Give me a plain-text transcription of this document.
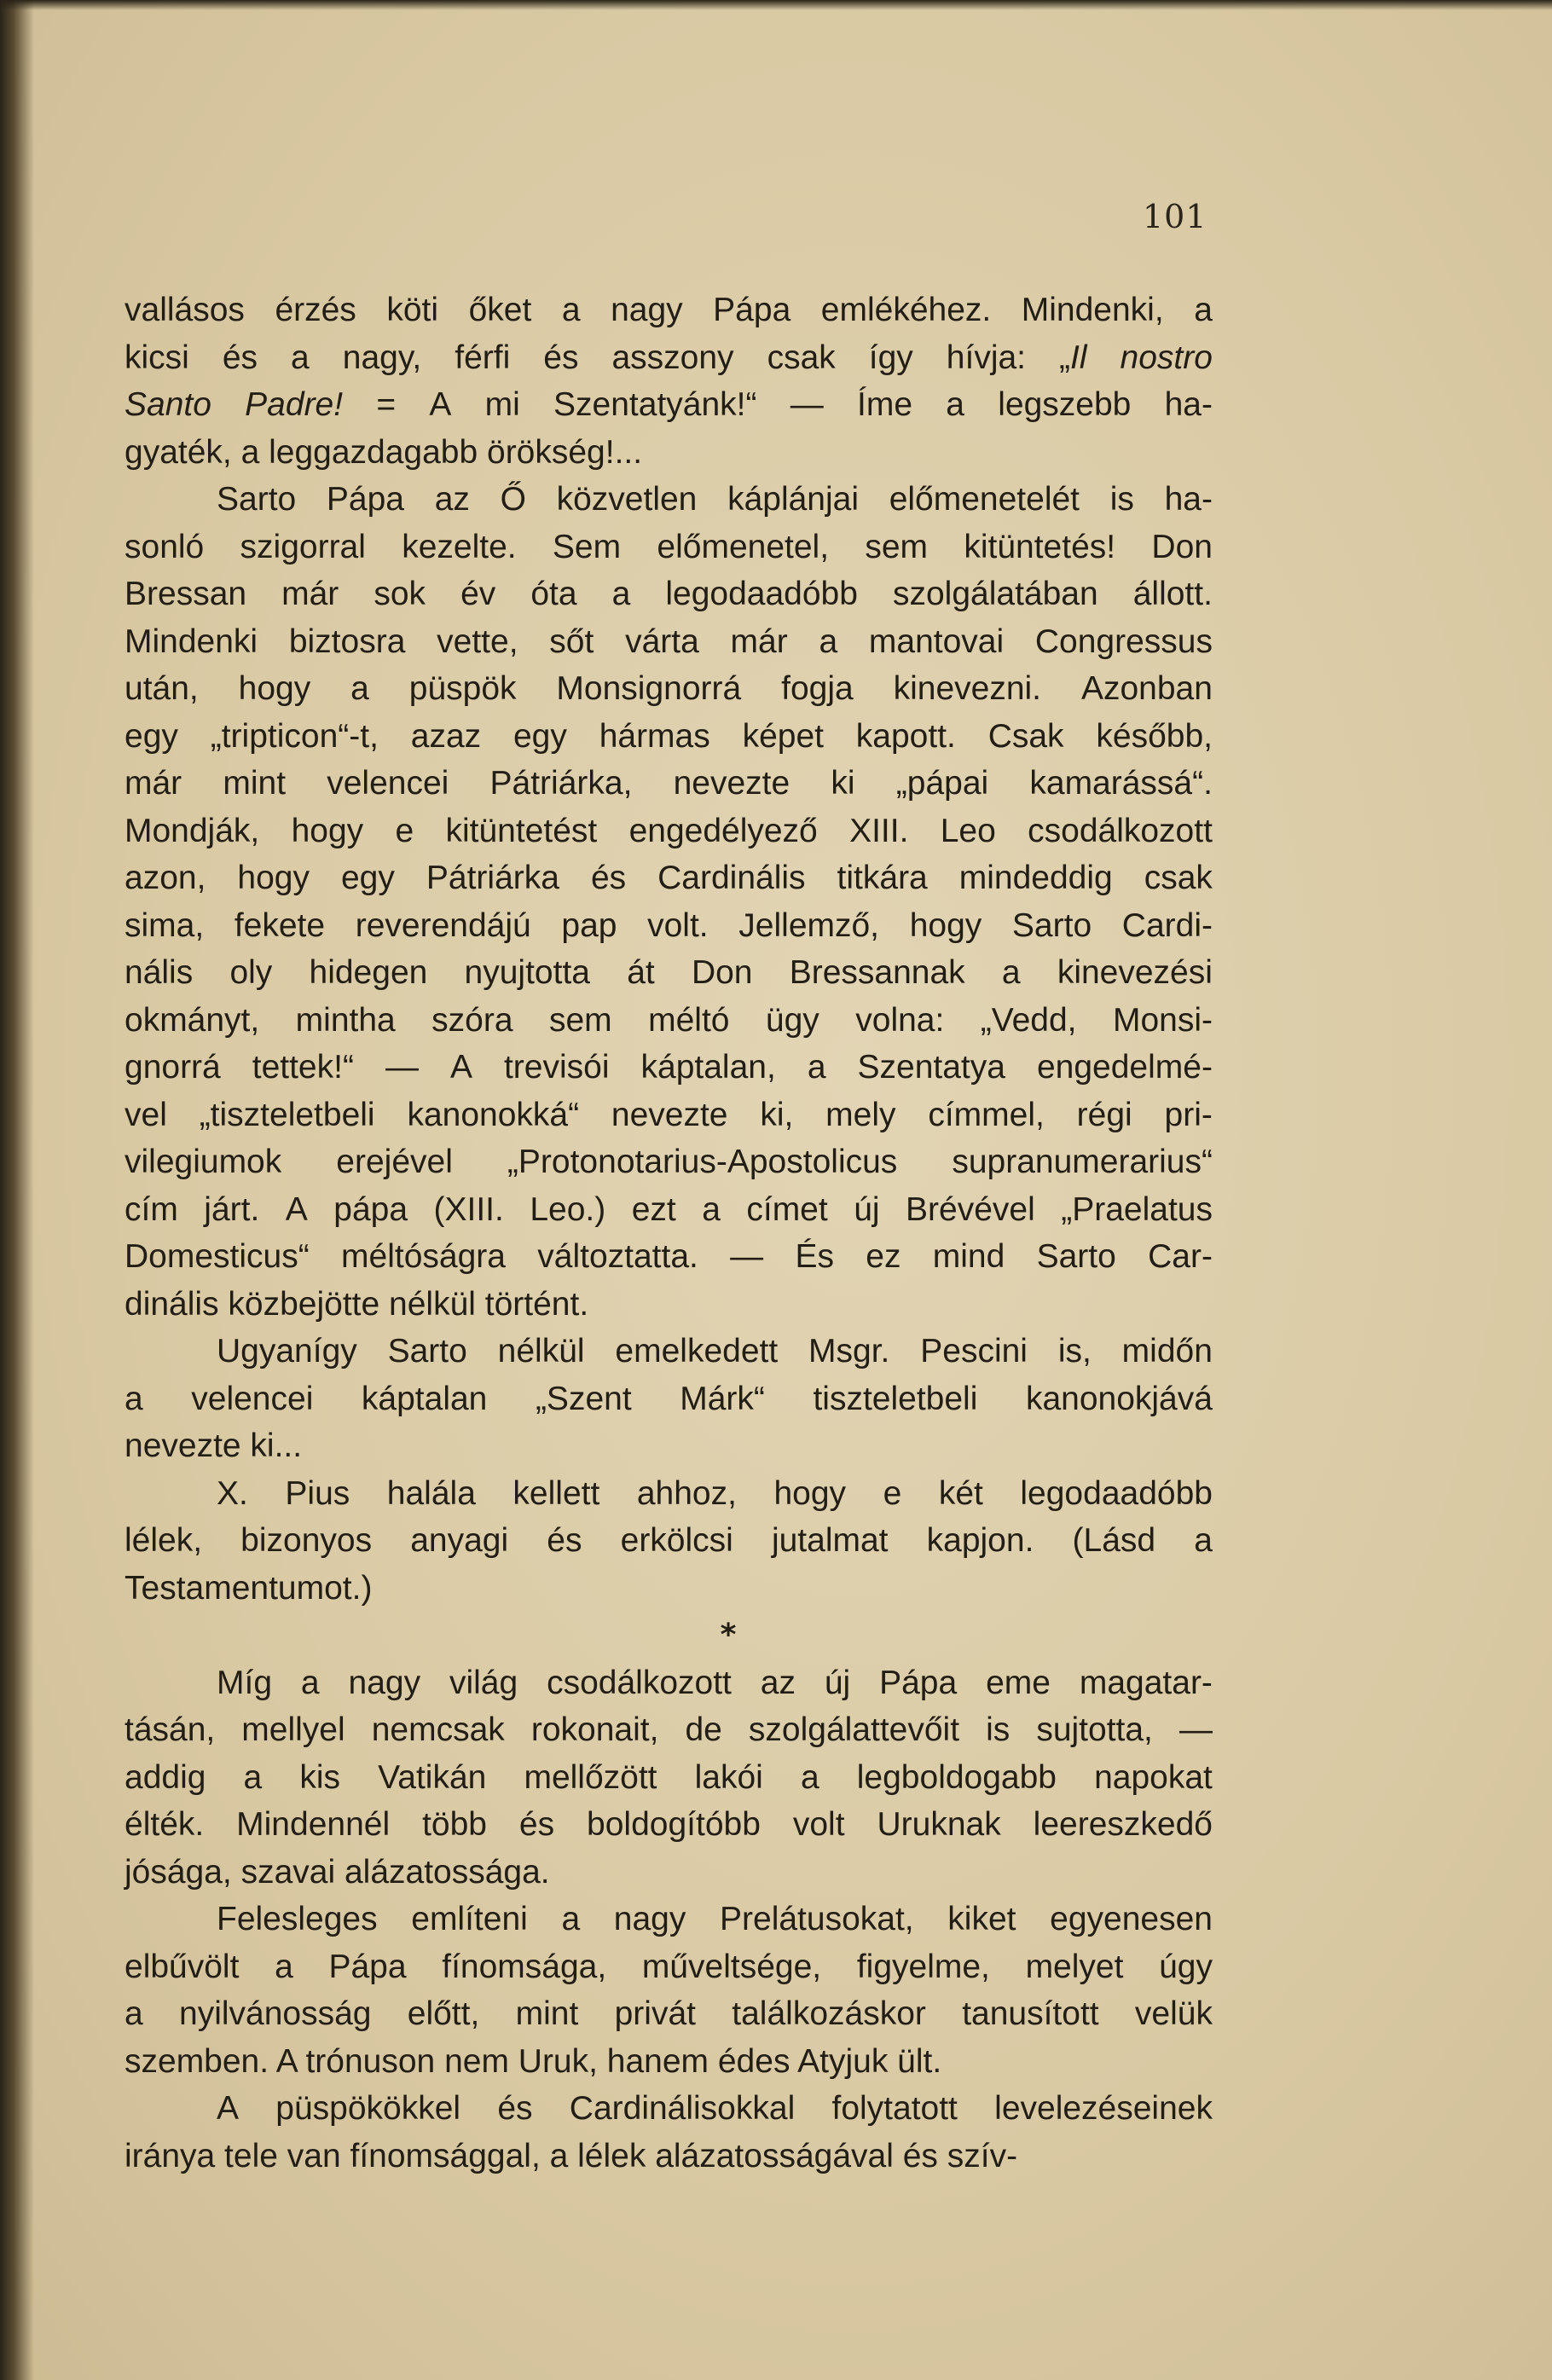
101
vallásos érzés köti őket a nagy Pápa emlékéhez. Mindenki, a
kicsi és a nagy, férfi és asszony csak így hívja: „Il nostro
Santo Padre! = A mi Szentatyánk!“ — Íme a legszebb ha-
gyaték, a leggazdagabb örökség!...
Sarto Pápa az Ő közvetlen káplánjai előmenetelét is ha-
sonló szigorral kezelte. Sem előmenetel, sem kitüntetés! Don
Bressan már sok év óta a legodaadóbb szolgálatában állott.
Mindenki biztosra vette, sőt várta már a mantovai Congressus
után, hogy a püspök Monsignorrá fogja kinevezni. Azonban
egy „tripticon“-t, azaz egy hármas képet kapott. Csak később,
már mint velencei Pátriárka, nevezte ki „pápai kamarássá“.
Mondják, hogy e kitüntetést engedélyező XIII. Leo csodálkozott
azon, hogy egy Pátriárka és Cardinális titkára mindeddig csak
sima, fekete reverendájú pap volt. Jellemző, hogy Sarto Cardi-
nális oly hidegen nyujtotta át Don Bressannak a kinevezési
okmányt, mintha szóra sem méltó ügy volna: „Vedd, Monsi-
gnorrá tettek!“ — A trevisói káptalan, a Szentatya engedelmé-
vel „tiszteletbeli kanonokká“ nevezte ki, mely címmel, régi pri-
vilegiumok erejével „Protonotarius-Apostolicus supranumerarius“
cím járt. A pápa (XIII. Leo.) ezt a címet új Brévével „Praelatus
Domesticus“ méltóságra változtatta. — És ez mind Sarto Car-
dinális közbejötte nélkül történt.
Ugyanígy Sarto nélkül emelkedett Msgr. Pescini is, midőn
a velencei káptalan „Szent Márk“ tiszteletbeli kanonokjává
nevezte ki...
X. Pius halála kellett ahhoz, hogy e két legodaadóbb
lélek, bizonyos anyagi és erkölcsi jutalmat kapjon. (Lásd a
Testamentumot.)
*
Míg a nagy világ csodálkozott az új Pápa eme magatar-
tásán, mellyel nemcsak rokonait, de szolgálattevőit is sujtotta, —
addig a kis Vatikán mellőzött lakói a legboldogabb napokat
élték. Mindennél több és boldogítóbb volt Uruknak leereszkedő
jósága, szavai alázatossága.
Felesleges említeni a nagy Prelátusokat, kiket egyenesen
elbűvölt a Pápa fínomsága, műveltsége, figyelme, melyet úgy
a nyilvánosság előtt, mint privát találkozáskor tanusított velük
szemben. A trónuson nem Uruk, hanem édes Atyjuk ült.
A püspökökkel és Cardinálisokkal folytatott levelezéseinek
iránya tele van fínomsággal, a lélek alázatosságával és szív-
